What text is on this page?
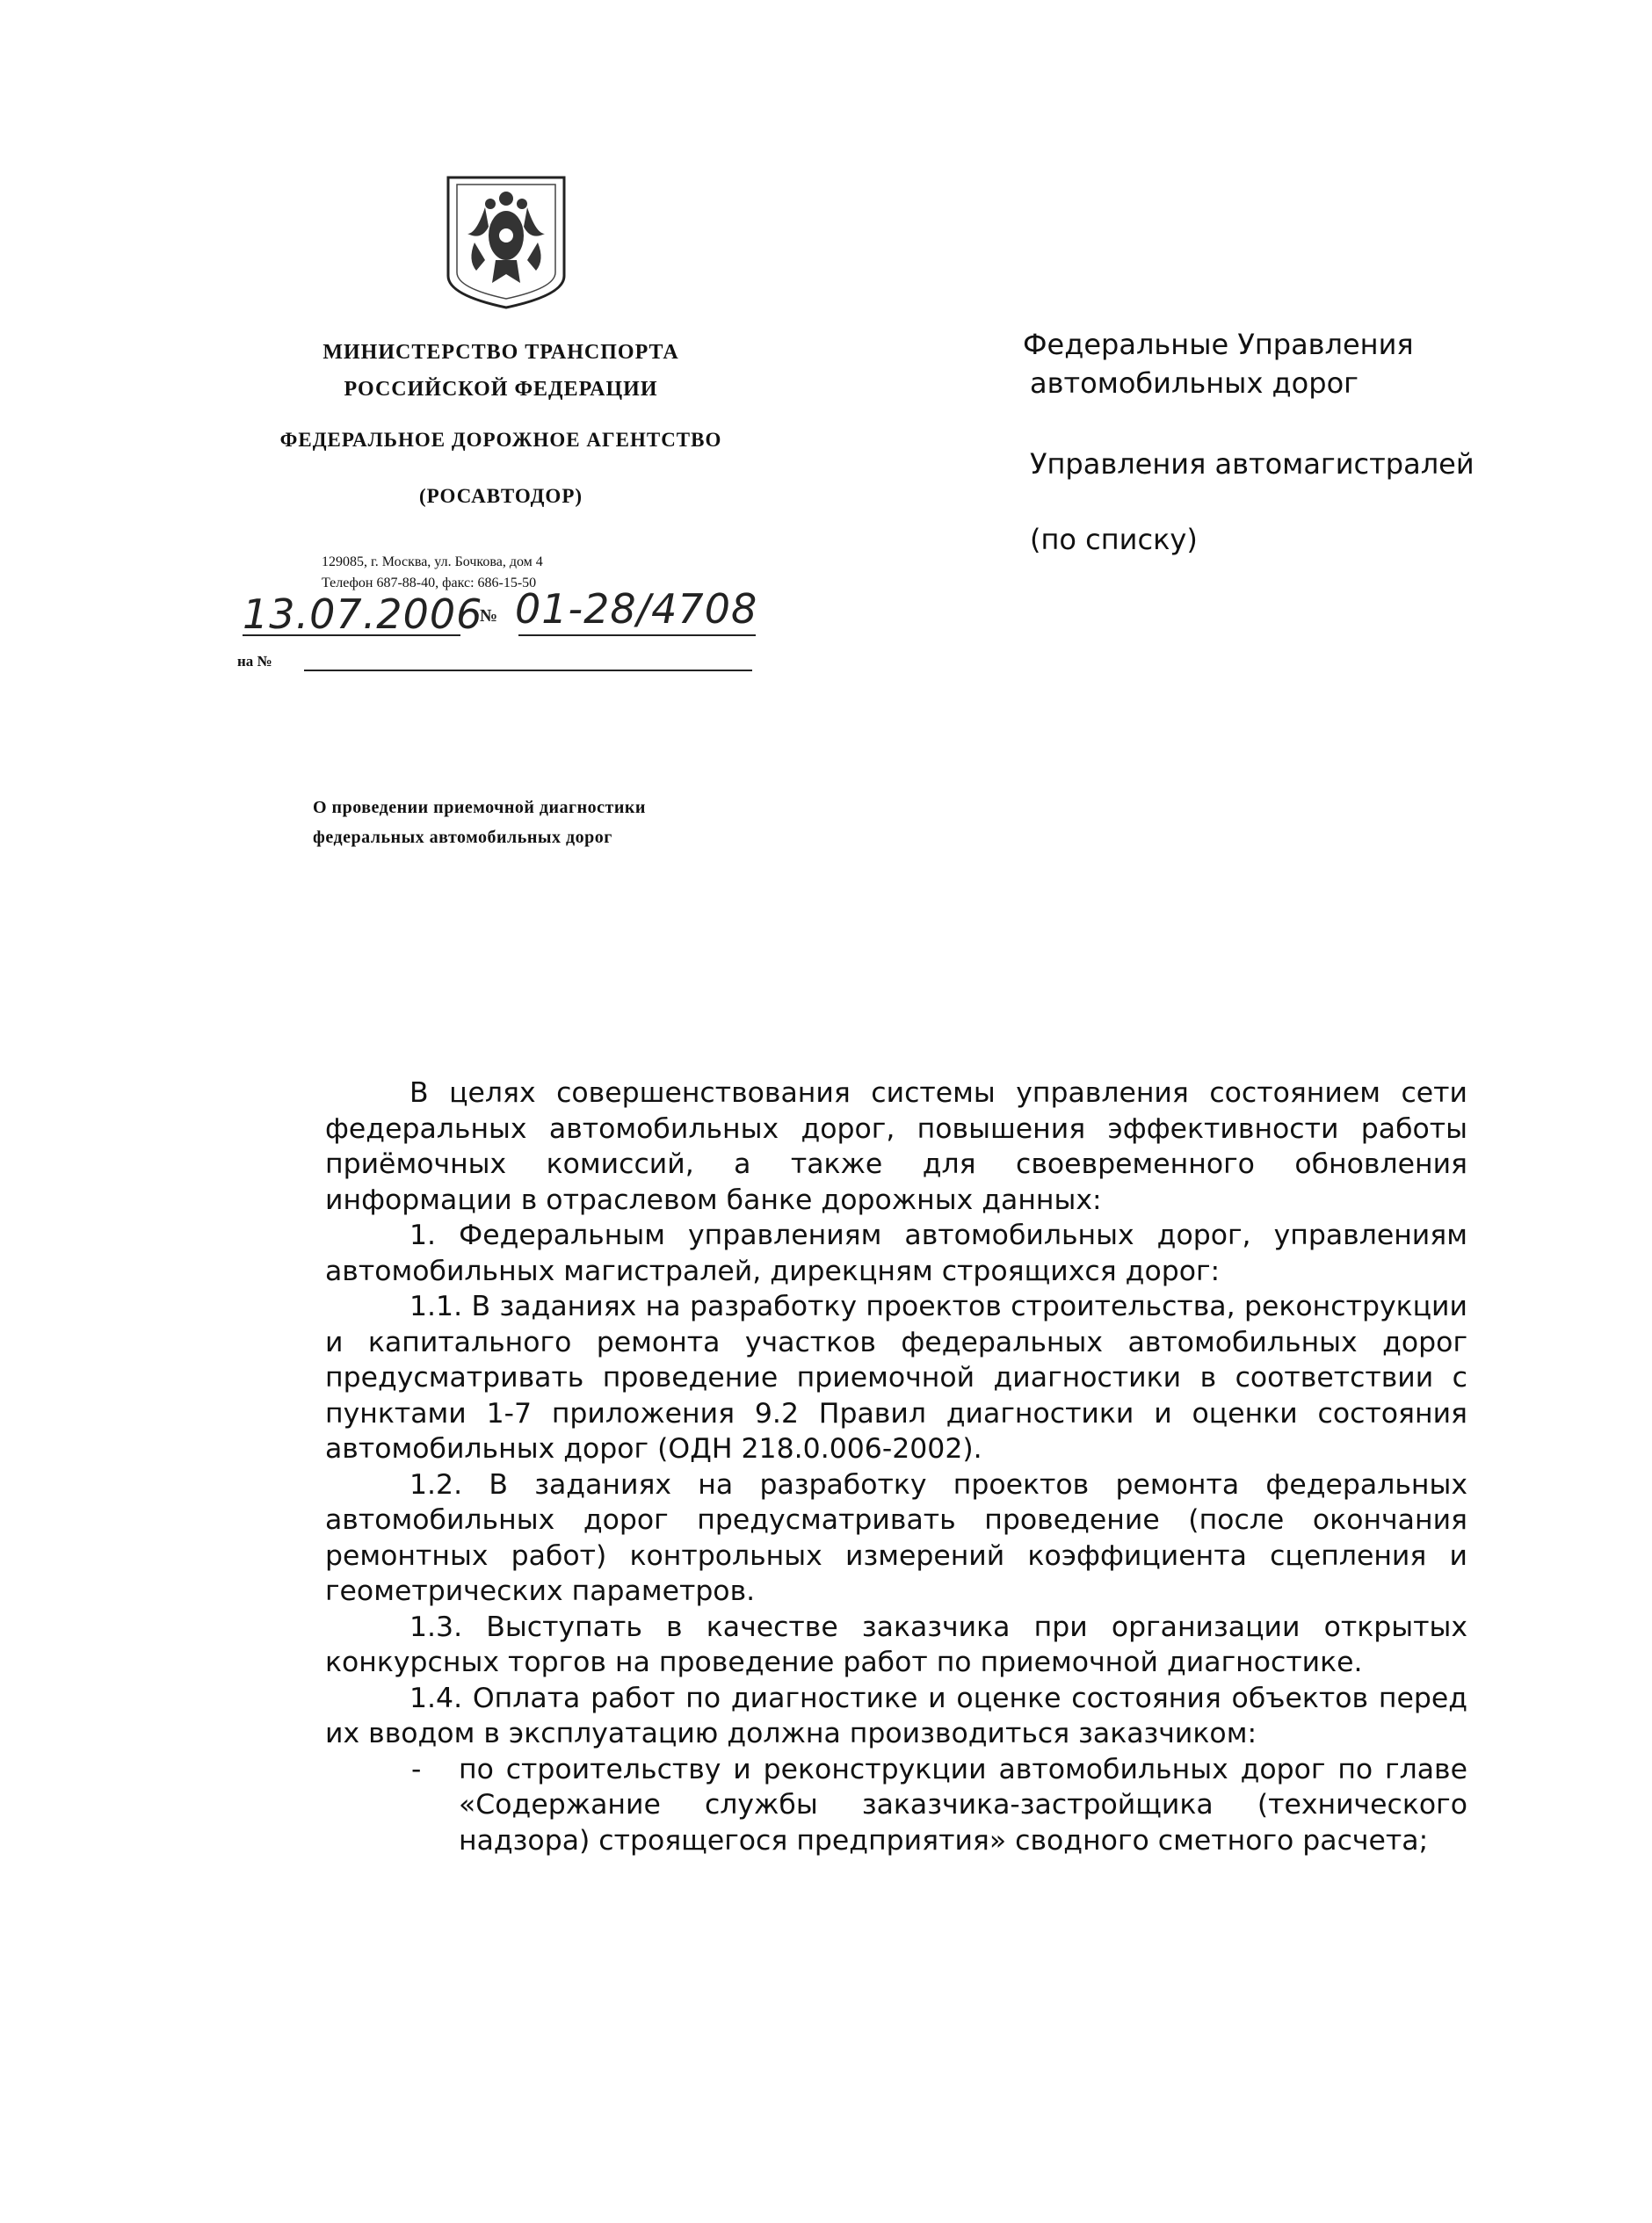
МИНИСТЕРСТВО ТРАНСПОРТА
РОССИЙСКОЙ ФЕДЕРАЦИИ
ФЕДЕРАЛЬНОЕ ДОРОЖНОЕ АГЕНТСТВО
(РОСАВТОДОР)
129085, г. Москва, ул. Бочкова, дом 4
Телефон 687-88-40, факс: 686-15-50
13.07.2006
№ 01-28/4708
на №
Федеральные Управления
автомобильных дорог
Управления автомагистралей
(по списку)
О проведении приемочной диагностики
федеральных автомобильных дорог

В целях совершенствования системы управления состоянием сети федеральных автомобильных дорог, повышения эффективности работы приёмочных комиссий, а также для своевременного обновления информации в отраслевом банке дорожных данных:

1. Федеральным управлениям автомобильных дорог, управлениям автомобильных магистралей, дирекцням строящихся дорог:

1.1. В заданиях на разработку проектов строительства, реконструкции и капитального ремонта участков федеральных автомобильных дорог предусматривать проведение приемочной диагностики в соответствии с пунктами 1-7 приложения 9.2 Правил диагностики и оценки состояния автомобильных дорог (ОДН 218.0.006-2002).

1.2. В заданиях на разработку проектов ремонта федеральных автомобильных дорог предусматривать проведение (после окончания ремонтных работ) контрольных измерений коэффициента сцепления и геометрических параметров.

1.3. Выступать в качестве заказчика при организации открытых конкурсных торгов на проведение работ по приемочной диагностике.

1.4. Оплата работ по диагностике и оценке состояния объектов перед их вводом в эксплуатацию должна производиться заказчиком:

-	по строительству и реконструкции автомобильных дорог по главе «Содержание службы заказчика-застройщика (технического надзора) строящегося предприятия» сводного сметного расчета;
